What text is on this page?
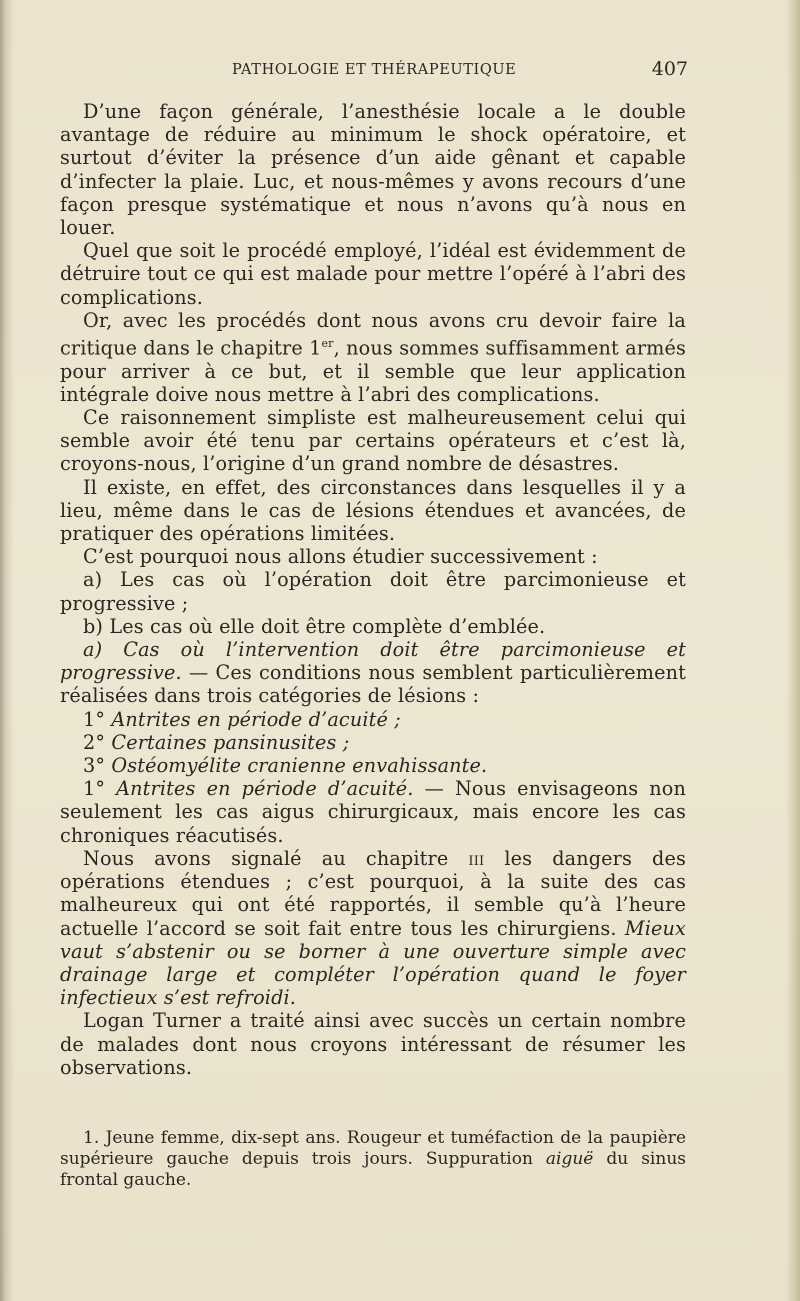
PATHOLOGIE ET THÉRAPEUTIQUE	407

D’une façon générale, l’anesthésie locale a le double avantage de réduire au minimum le shock opératoire, et surtout d’éviter la présence d’un aide gênant et capable d’infecter la plaie. Luc, et nous-mêmes y avons recours d’une façon presque systématique et nous n’avons qu’à nous en louer.

Quel que soit le procédé employé, l’idéal est évidemment de détruire tout ce qui est malade pour mettre l’opéré à l’abri des complications.

Or, avec les procédés dont nous avons cru devoir faire la critique dans le chapitre 1er, nous sommes suffisamment armés pour arriver à ce but, et il semble que leur application intégrale doive nous mettre à l’abri des complications.

Ce raisonnement simpliste est malheureusement celui qui semble avoir été tenu par certains opérateurs et c’est là, croyons-nous, l’origine d’un grand nombre de désastres.

Il existe, en effet, des circonstances dans lesquelles il y a lieu, même dans le cas de lésions étendues et avancées, de pratiquer des opérations limitées.

C’est pourquoi nous allons étudier successivement :

a) Les cas où l’opération doit être parcimonieuse et progressive ;

b) Les cas où elle doit être complète d’emblée.

a) Cas où l’intervention doit être parcimonieuse et progressive. — Ces conditions nous semblent particulièrement réalisées dans trois catégories de lésions :

1° Antrites en période d’acuité ;

2° Certaines pansinusites ;

3° Ostéomyélite cranienne envahissante.

1° Antrites en période d’acuité. — Nous envisageons non seulement les cas aigus chirurgicaux, mais encore les cas chroniques réacutisés.

Nous avons signalé au chapitre iii les dangers des opérations étendues ; c’est pourquoi, à la suite des cas malheureux qui ont été rapportés, il semble qu’à l’heure actuelle l’accord se soit fait entre tous les chirurgiens. Mieux vaut s’abstenir ou se borner à une ouverture simple avec drainage large et compléter l’opération quand le foyer infectieux s’est refroidi.

Logan Turner a traité ainsi avec succès un certain nombre de malades dont nous croyons intéressant de résumer les observations.

1. Jeune femme, dix-sept ans. Rougeur et tuméfaction de la paupière supérieure gauche depuis trois jours. Suppuration aiguë du sinus frontal gauche.
